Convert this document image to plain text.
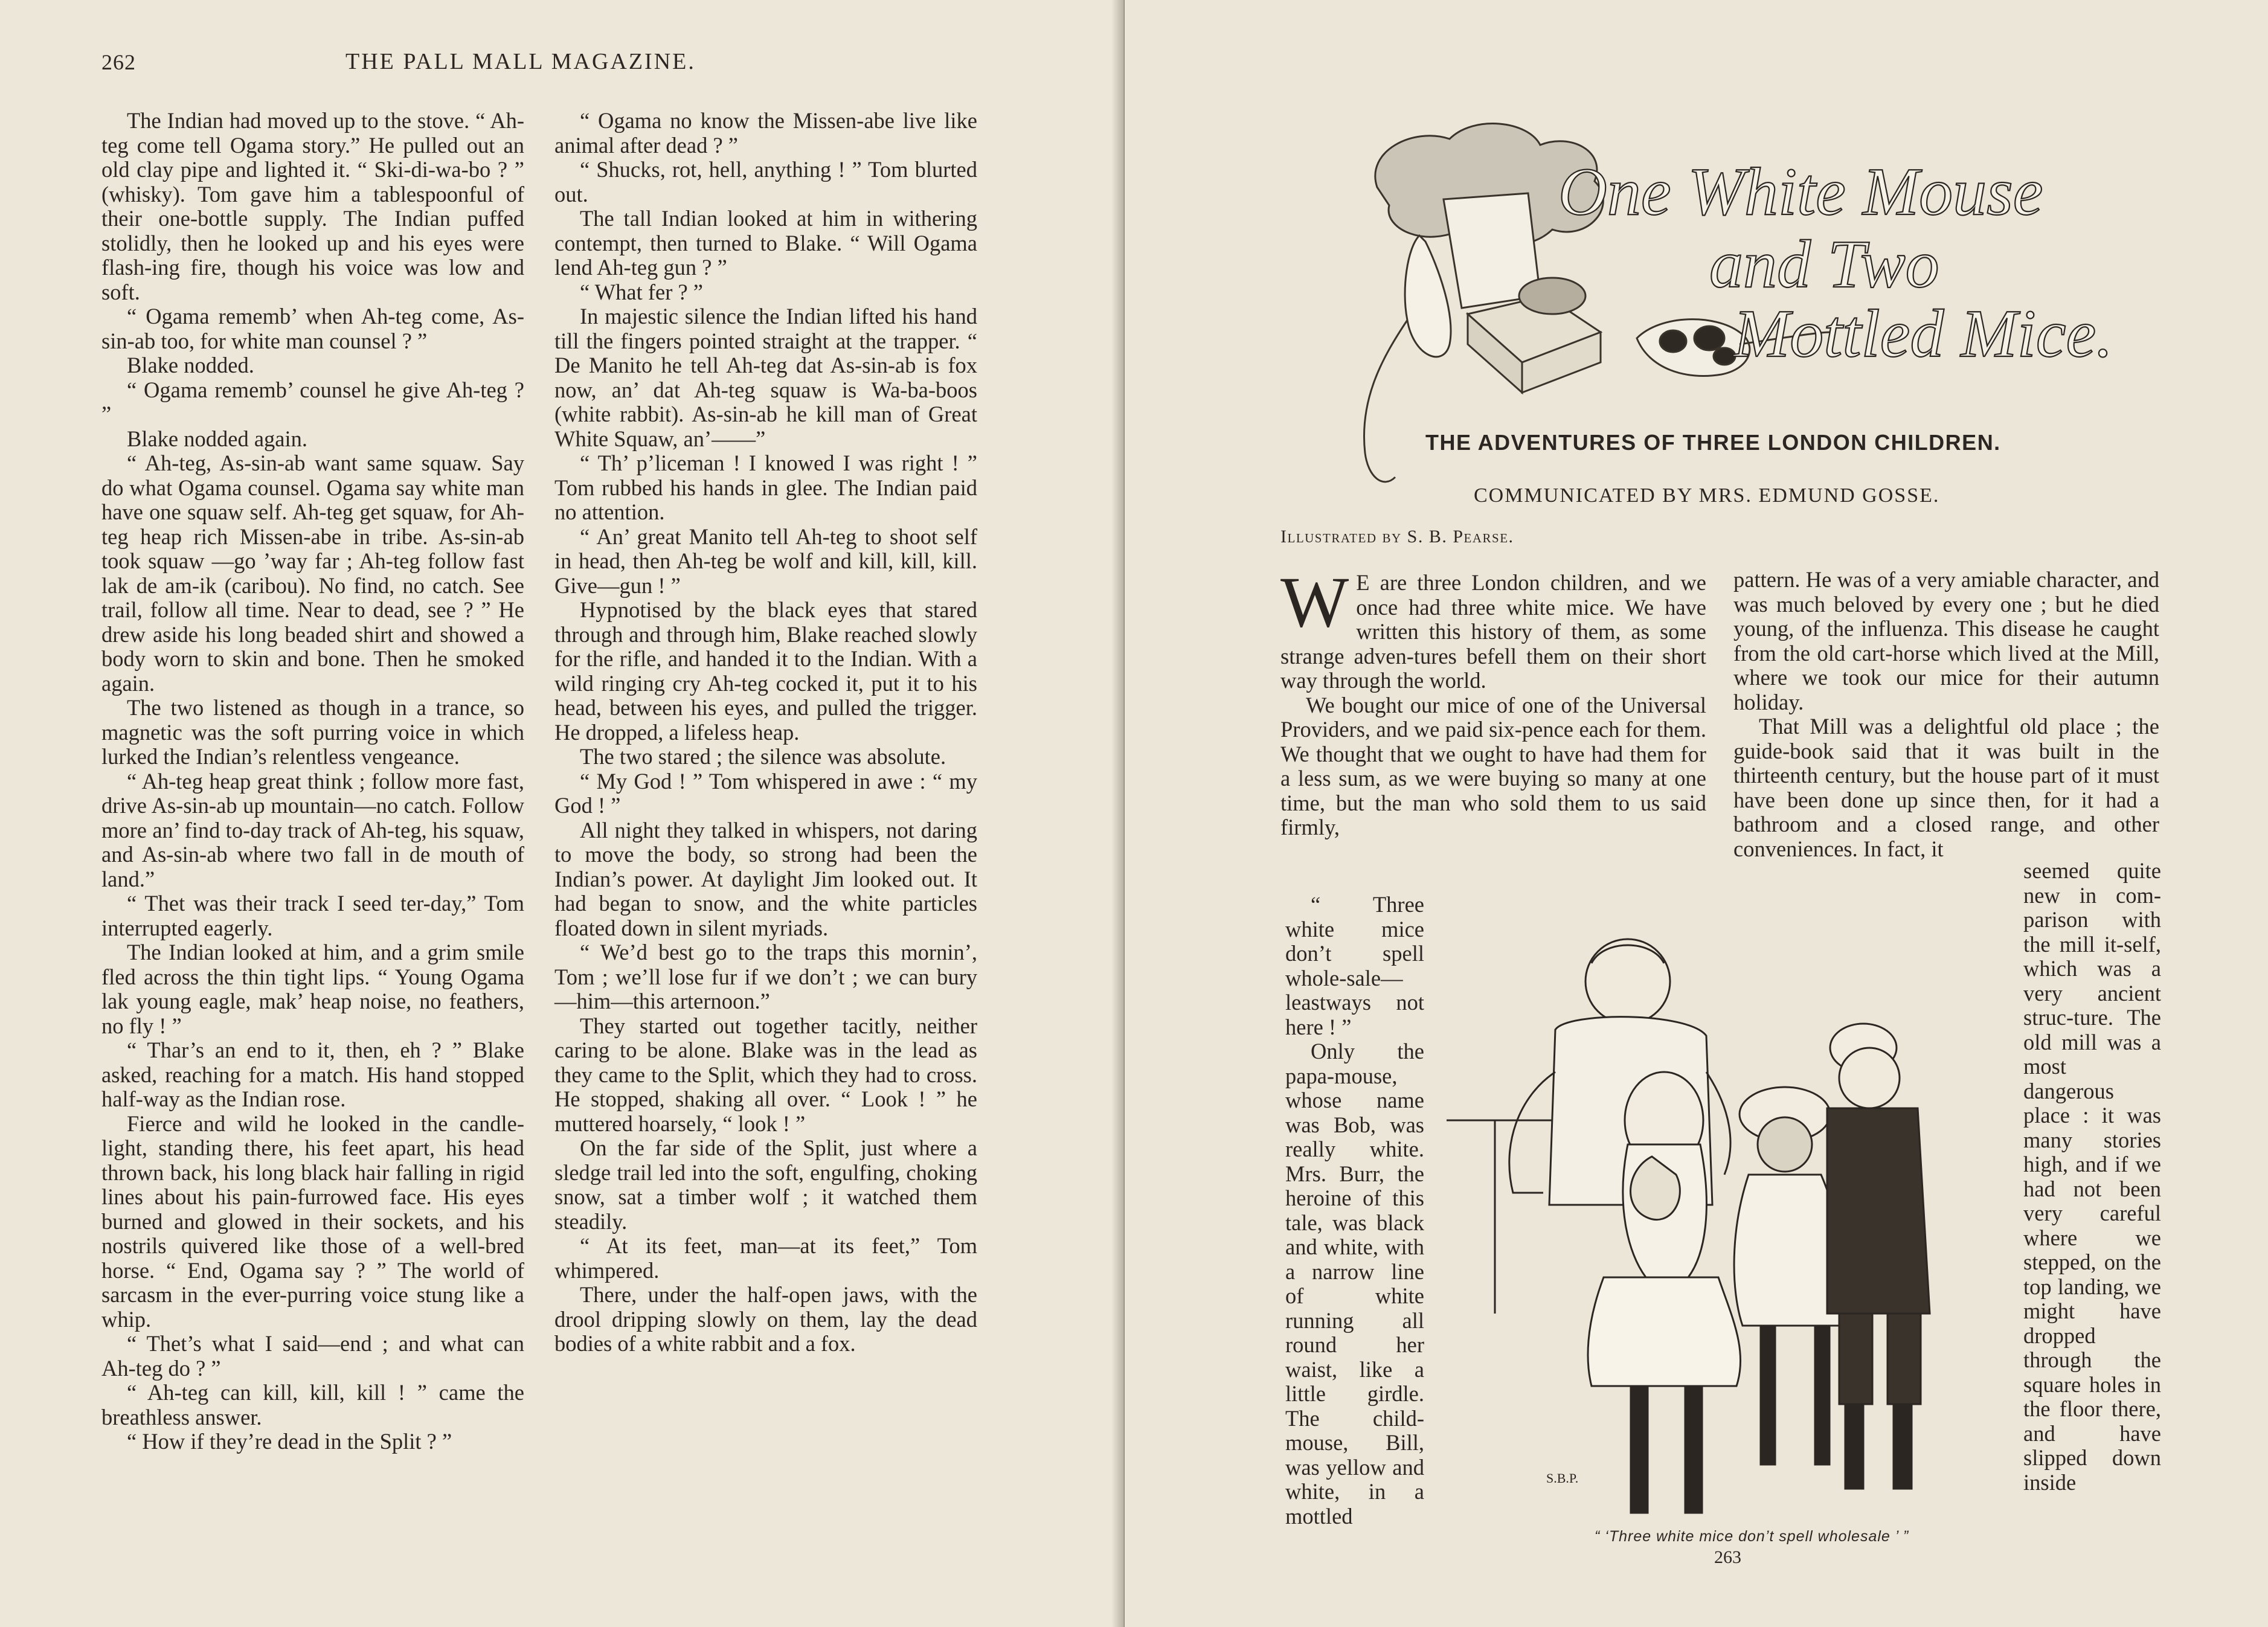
262	THE PALL MALL MAGAZINE.

The Indian had moved up to the stove. “ Ah-teg come tell Ogama story.” He pulled out an old clay pipe and lighted it. “ Ski-di-wa-bo ? ” (whisky). Tom gave him a tablespoonful of their one-bottle supply. The Indian puffed stolidly, then he looked up and his eyes were flash-ing fire, though his voice was low and soft.

“ Ogama rememb’ when Ah-teg come, As-sin-ab too, for white man counsel ? ”

Blake nodded.

“ Ogama rememb’ counsel he give Ah-teg ? ”

Blake nodded again.

“ Ah-teg, As-sin-ab want same squaw. Say do what Ogama counsel. Ogama say white man have one squaw self. Ah-teg get squaw, for Ah-teg heap rich Missen-abe in tribe. As-sin-ab took squaw —go ’way far ; Ah-teg follow fast lak de am-ik (caribou). No find, no catch. See trail, follow all time. Near to dead, see ? ” He drew aside his long beaded shirt and showed a body worn to skin and bone. Then he smoked again.

The two listened as though in a trance, so magnetic was the soft purring voice in which lurked the Indian’s relentless vengeance.

“ Ah-teg heap great think ; follow more fast, drive As-sin-ab up mountain—no catch. Follow more an’ find to-day track of Ah-teg, his squaw, and As-sin-ab where two fall in de mouth of land.”

“ Thet was their track I seed ter-day,” Tom interrupted eagerly.

The Indian looked at him, and a grim smile fled across the thin tight lips. “ Young Ogama lak young eagle, mak’ heap noise, no feathers, no fly ! ”

“ Thar’s an end to it, then, eh ? ” Blake asked, reaching for a match. His hand stopped half-way as the Indian rose.

Fierce and wild he looked in the candle-light, standing there, his feet apart, his head thrown back, his long black hair falling in rigid lines about his pain-furrowed face. His eyes burned and glowed in their sockets, and his nostrils quivered like those of a well-bred horse. “ End, Ogama say ? ” The world of sarcasm in the ever-purring voice stung like a whip.

“ Thet’s what I said—end ; and what can Ah-teg do ? ”

“ Ah-teg can kill, kill, kill ! ” came the breathless answer.

“ How if they’re dead in the Split ? ”

“ Ogama no know the Missen-abe live like animal after dead ? ”

“ Shucks, rot, hell, anything ! ” Tom blurted out.

The tall Indian looked at him in withering contempt, then turned to Blake. “ Will Ogama lend Ah-teg gun ? ”

“ What fer ? ”

In majestic silence the Indian lifted his hand till the fingers pointed straight at the trapper. “ De Manito he tell Ah-teg dat As-sin-ab is fox now, an’ dat Ah-teg squaw is Wa-ba-boos (white rabbit). As-sin-ab he kill man of Great White Squaw, an’——”

“ Th’ p’liceman ! I knowed I was right ! ” Tom rubbed his hands in glee. The Indian paid no attention.

“ An’ great Manito tell Ah-teg to shoot self in head, then Ah-teg be wolf and kill, kill, kill. Give—gun ! ”

Hypnotised by the black eyes that stared through and through him, Blake reached slowly for the rifle, and handed it to the Indian. With a wild ringing cry Ah-teg cocked it, put it to his head, between his eyes, and pulled the trigger. He dropped, a lifeless heap.

The two stared ; the silence was absolute.

“ My God ! ” Tom whispered in awe : “ my God ! ”

All night they talked in whispers, not daring to move the body, so strong had been the Indian’s power. At daylight Jim looked out. It had began to snow, and the white particles floated down in silent myriads.

“ We’d best go to the traps this mornin’, Tom ; we’ll lose fur if we don’t ; we can bury—him—this arternoon.”

They started out together tacitly, neither caring to be alone. Blake was in the lead as they came to the Split, which they had to cross. He stopped, shaking all over. “ Look ! ” he muttered hoarsely, “ look ! ”

On the far side of the Split, just where a sledge trail led into the soft, engulfing, choking snow, sat a timber wolf ; it watched them steadily.

“ At its feet, man—at its feet,” Tom whimpered.

There, under the half-open jaws, with the drool dripping slowly on them, lay the dead bodies of a white rabbit and a fox.

One White Mouse
and Two
Mottled Mice.
THE ADVENTURES OF THREE LONDON CHILDREN.
COMMUNICATED BY MRS. EDMUND GOSSE.
Illustrated by S. B. Pearse.

W E are three London children, and we once had three white mice. We have written this history of them, as some strange adven-tures befell them on their short way through the world.

We bought our mice of one of the Universal Providers, and we paid six-pence each for them. We thought that we ought to have had them for a less sum, as we were buying so many at one time, but the man who sold them to us said firmly,

“ Three white mice don’t spell whole-sale—leastways not here ! ”

Only the papa-mouse, whose name was Bob, was really white. Mrs. Burr, the heroine of this tale, was black and white, with a narrow line of white running all round her waist, like a little girdle. The child-mouse, Bill, was yellow and white, in a mottled

pattern. He was of a very amiable character, and was much beloved by every one ; but he died young, of the influenza. This disease he caught from the old cart-horse which lived at the Mill, where we took our mice for their autumn holiday.

That Mill was a delightful old place ; the guide-book said that it was built in the thirteenth century, but the house part of it must have been done up since then, for it had a bathroom and a closed range, and other conveniences. In fact, it

seemed quite new in com-parison with the mill it-self, which was a very ancient struc-ture. The old mill was a most dangerous place : it was many stories high, and if we had not been very careful where we stepped, on the top landing, we might have dropped through the square holes in the floor there, and have slipped down inside

S.B.P.
“ ‘Three white mice don’t spell wholesale ’ ”
263
